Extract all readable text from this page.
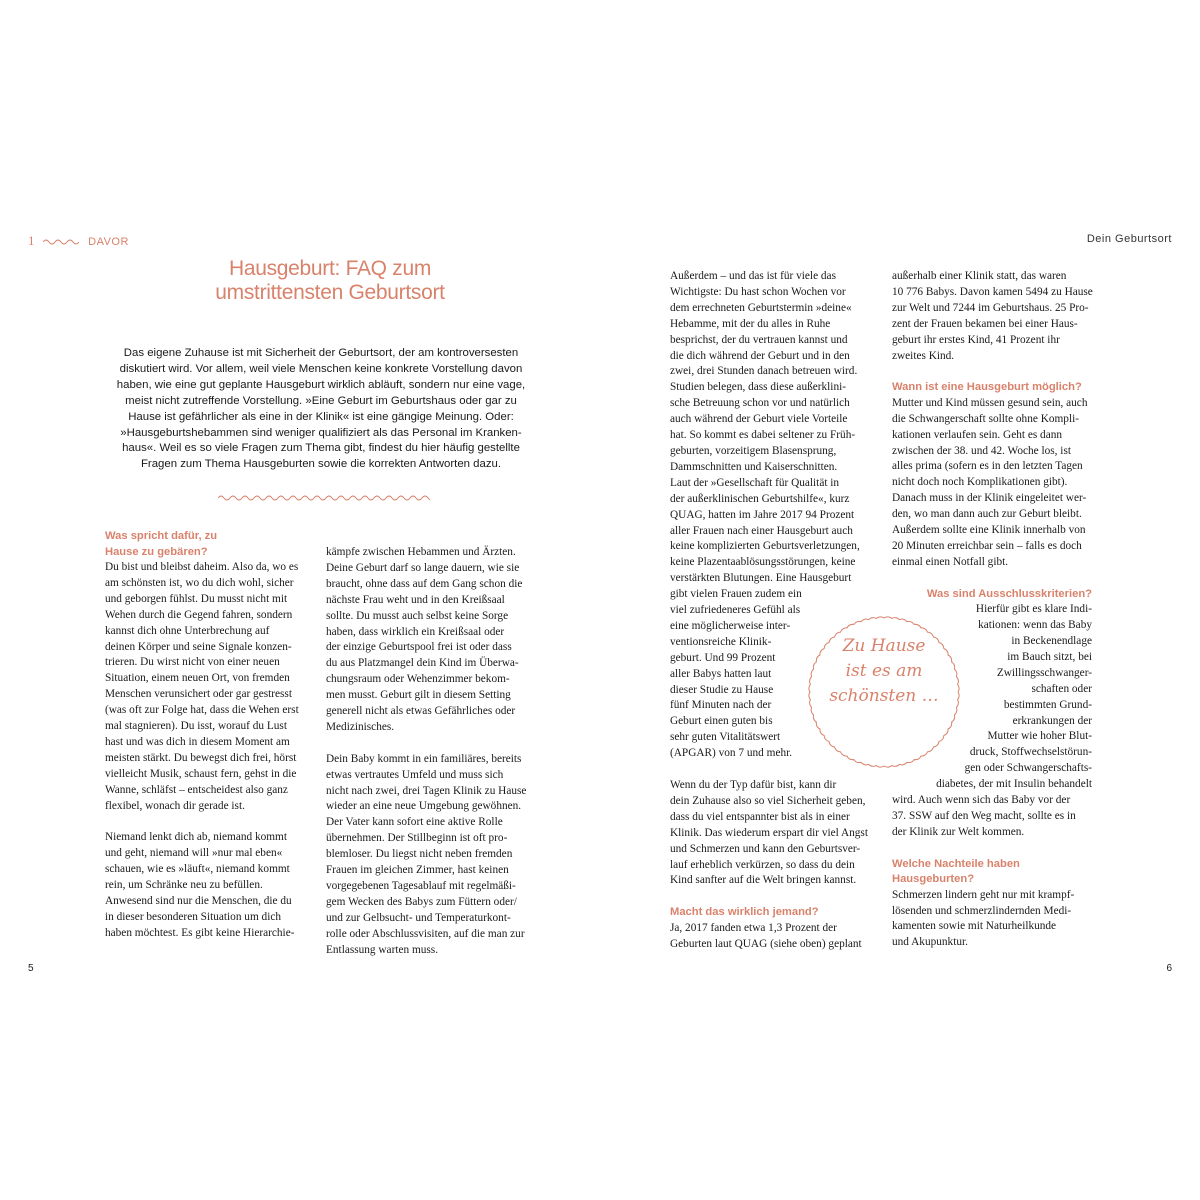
1	DAVOR	Dein Geburtsort
Hausgeburt: FAQ zum
umstrittensten Geburtsort
Das eigene Zuhause ist mit Sicherheit der Geburtsort, der am kontroversesten
diskutiert wird. Vor allem, weil viele Menschen keine konkrete Vorstellung davon
haben, wie eine gut geplante Hausgeburt wirklich abläuft, sondern nur eine vage,
meist nicht zutreffende Vorstellung. »Eine Geburt im Geburtshaus oder gar zu
Hause ist gefährlicher als eine in der Klinik« ist eine gängige Meinung. Oder:
»Hausgeburtshebammen sind weniger qualifiziert als das Personal im Kranken-
haus«. Weil es so viele Fragen zum Thema gibt, findest du hier häufig gestellte
Fragen zum Thema Hausgeburten sowie die korrekten Antworten dazu.
Was spricht dafür, zu
Hause zu gebären?

Du bist und bleibst daheim. Also da, wo es
am schönsten ist, wo du dich wohl, sicher
und geborgen fühlst. Du musst nicht mit
Wehen durch die Gegend fahren, sondern
kannst dich ohne Unterbrechung auf
deinen Körper und seine Signale konzen-
trieren. Du wirst nicht von einer neuen
Situation, einem neuen Ort, von fremden
Menschen verunsichert oder gar gestresst
(was oft zur Folge hat, dass die Wehen erst
mal stagnieren). Du isst, worauf du Lust
hast und was dich in diesem Moment am
meisten stärkt. Du bewegst dich frei, hörst
vielleicht Musik, schaust fern, gehst in die
Wanne, schläfst – entscheidest also ganz
flexibel, wonach dir gerade ist.

Niemand lenkt dich ab, niemand kommt
und geht, niemand will »nur mal eben«
schauen, wie es »läuft«, niemand kommt
rein, um Schränke neu zu befüllen.
Anwesend sind nur die Menschen, die du
in dieser besonderen Situation um dich
haben möchtest. Es gibt keine Hierarchie-

kämpfe zwischen Hebammen und Ärzten.
Deine Geburt darf so lange dauern, wie sie
braucht, ohne dass auf dem Gang schon die
nächste Frau weht und in den Kreißsaal
sollte. Du musst auch selbst keine Sorge
haben, dass wirklich ein Kreißsaal oder
der einzige Geburtspool frei ist oder dass
du aus Platzmangel dein Kind im Überwa-
chungsraum oder Wehenzimmer bekom-
men musst. Geburt gilt in diesem Setting
generell nicht als etwas Gefährliches oder
Medizinisches.

Dein Baby kommt in ein familiäres, bereits
etwas vertrautes Umfeld und muss sich
nicht nach zwei, drei Tagen Klinik zu Hause
wieder an eine neue Umgebung gewöhnen.
Der Vater kann sofort eine aktive Rolle
übernehmen. Der Stillbeginn ist oft pro-
blemloser. Du liegst nicht neben fremden
Frauen im gleichen Zimmer, hast keinen
vorgegebenen Tagesablauf mit regelmäßi-
gem Wecken des Babys zum Füttern oder/
und zur Gelbsucht- und Temperaturkont-
rolle oder Abschlussvisiten, auf die man zur
Entlassung warten muss.

Außerdem – und das ist für viele das
Wichtigste: Du hast schon Wochen vor
dem errechneten Geburtstermin »deine«
Hebamme, mit der du alles in Ruhe
besprichst, der du vertrauen kannst und
die dich während der Geburt und in den
zwei, drei Stunden danach betreuen wird.
Studien belegen, dass diese außerklini-
sche Betreuung schon vor und natürlich
auch während der Geburt viele Vorteile
hat. So kommt es dabei seltener zu Früh-
geburten, vorzeitigem Blasensprung,
Dammschnitten und Kaiserschnitten.
Laut der »Gesellschaft für Qualität in
der außerklinischen Geburtshilfe«, kurz
QUAG, hatten im Jahre 2017 94 Prozent
aller Frauen nach einer Hausgeburt auch
keine komplizierten Geburtsverletzungen,
keine Plazentaablösungsstörungen, keine
verstärkten Blutungen. Eine Hausgeburt
gibt vielen Frauen zudem ein
viel zufriedeneres Gefühl als
eine möglicherweise inter-
ventionsreiche Klinik-
geburt. Und 99 Prozent
aller Babys hatten laut
dieser Studie zu Hause
fünf Minuten nach der
Geburt einen guten bis
sehr guten Vitalitätswert
(APGAR) von 7 und mehr.

Wenn du der Typ dafür bist, kann dir
dein Zuhause also so viel Sicherheit geben,
dass du viel entspannter bist als in einer
Klinik. Das wiederum erspart dir viel Angst
und Schmerzen und kann den Geburtsver-
lauf erheblich verkürzen, so dass du dein
Kind sanfter auf die Welt bringen kannst.

Macht das wirklich jemand?

Ja, 2017 fanden etwa 1,3 Prozent der
Geburten laut QUAG (siehe oben) geplant

außerhalb einer Klinik statt, das waren
10 776 Babys. Davon kamen 5494 zu Hause
zur Welt und 7244 im Geburtshaus. 25 Pro-
zent der Frauen bekamen bei einer Haus-
geburt ihr erstes Kind, 41 Prozent ihr
zweites Kind.

Wann ist eine Hausgeburt möglich?

Mutter und Kind müssen gesund sein, auch
die Schwangerschaft sollte ohne Kompli-
kationen verlaufen sein. Geht es dann
zwischen der 38. und 42. Woche los, ist
alles prima (sofern es in den letzten Tagen
nicht doch noch Komplikationen gibt).
Danach muss in der Klinik eingeleitet wer-
den, wo man dann auch zur Geburt bleibt.
Außerdem sollte eine Klinik innerhalb von
20 Minuten erreichbar sein – falls es doch
einmal einen Notfall gibt.

Was sind Ausschlusskriterien?

Hierfür gibt es klare Indi-
kationen: wenn das Baby
in Beckenendlage
im Bauch sitzt, bei
Zwillingsschwanger-
schaften oder
bestimmten Grund-
erkrankungen der
Mutter wie hoher Blut-
druck, Stoffwechselstörun-
gen oder Schwangerschafts-
diabetes, der mit Insulin behandelt

wird. Auch wenn sich das Baby vor der
37. SSW auf den Weg macht, sollte es in
der Klinik zur Welt kommen.

Welche Nachteile haben
Hausgeburten?

Schmerzen lindern geht nur mit krampf-
lösenden und schmerzlindernden Medi-
kamenten sowie mit Naturheilkunde
und Akupunktur.

Zu Hause
ist es am
schönsten …
5	6
